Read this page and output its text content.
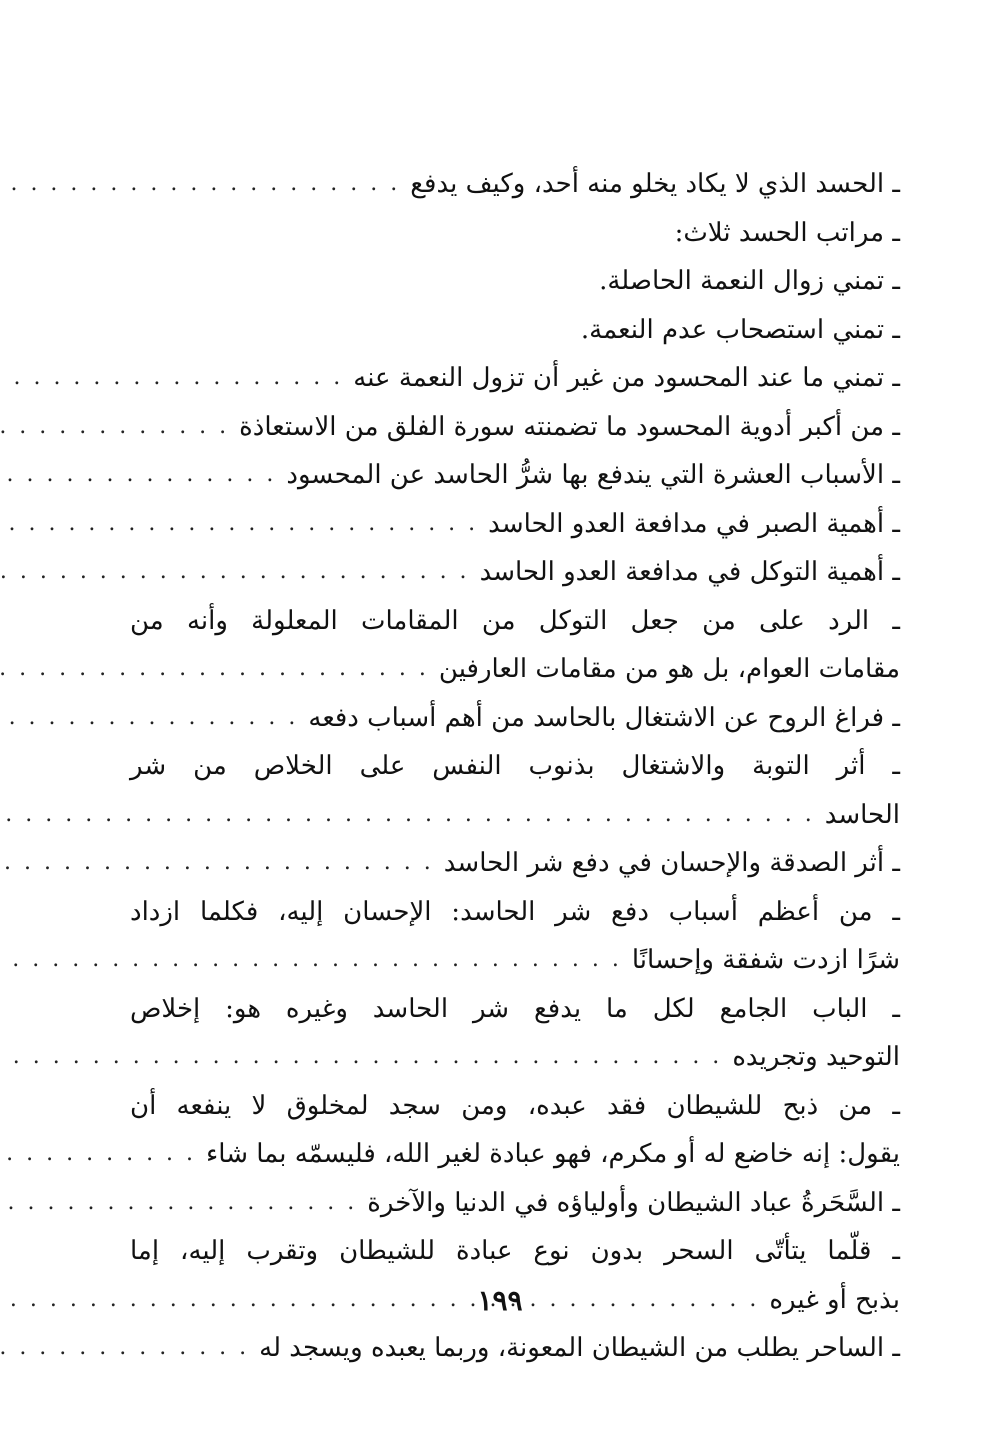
ـ الحسد الذي لا يكاد يخلو منه أحد، وكيف يدفع
. . .
ـ مراتب الحسد ثلاث:
ـ تمني زوال النعمة الحاصلة.
ـ تمني استصحاب عدم النعمة.
ـ تمني ما عند المحسود من غير أن تزول النعمة عنه
. . .
ـ من أكبر أدوية المحسود ما تضمنته سورة الفلق من الاستعاذة
. . .
ـ الأسباب العشرة التي يندفع بها شرُّ الحاسد عن المحسود
. . .
ـ أهمية الصبر في مدافعة العدو الحاسد
. . .
ـ أهمية التوكل في مدافعة العدو الحاسد
. . .
ـ الرد على من جعل التوكل من المقامات المعلولة وأنه من
مقامات العوام، بل هو من مقامات العارفين
. . .
ـ فراغ الروح عن الاشتغال بالحاسد من أهم أسباب دفعه
. . .
ـ أثر التوبة والاشتغال بذنوب النفس على الخلاص من شر
الحاسد
. . .
ـ أثر الصدقة والإحسان في دفع شر الحاسد
. . .
ـ من أعظم أسباب دفع شر الحاسد: الإحسان إليه، فكلما ازداد
شرًا ازدت شفقة وإحسانًا
. . .
ـ الباب الجامع لكل ما يدفع شر الحاسد وغيره هو: إخلاص
التوحيد وتجريده
. . .
ـ من ذبح للشيطان فقد عبده، ومن سجد لمخلوق لا ينفعه أن
يقول: إنه خاضع له أو مكرم، فهو عبادة لغير الله، فليسمّه بما شاء
. . .
ـ السَّحَرةُ عباد الشيطان وأولياؤه في الدنيا والآخرة
. . .
ـ قلّما يتأتّى السحر بدون نوع عبادة للشيطان وتقرب إليه، إما
بذبح أو غيره
. . .
ـ الساحر يطلب من الشيطان المعونة، وربما يعبده ويسجد له
. . .
١٩٩
